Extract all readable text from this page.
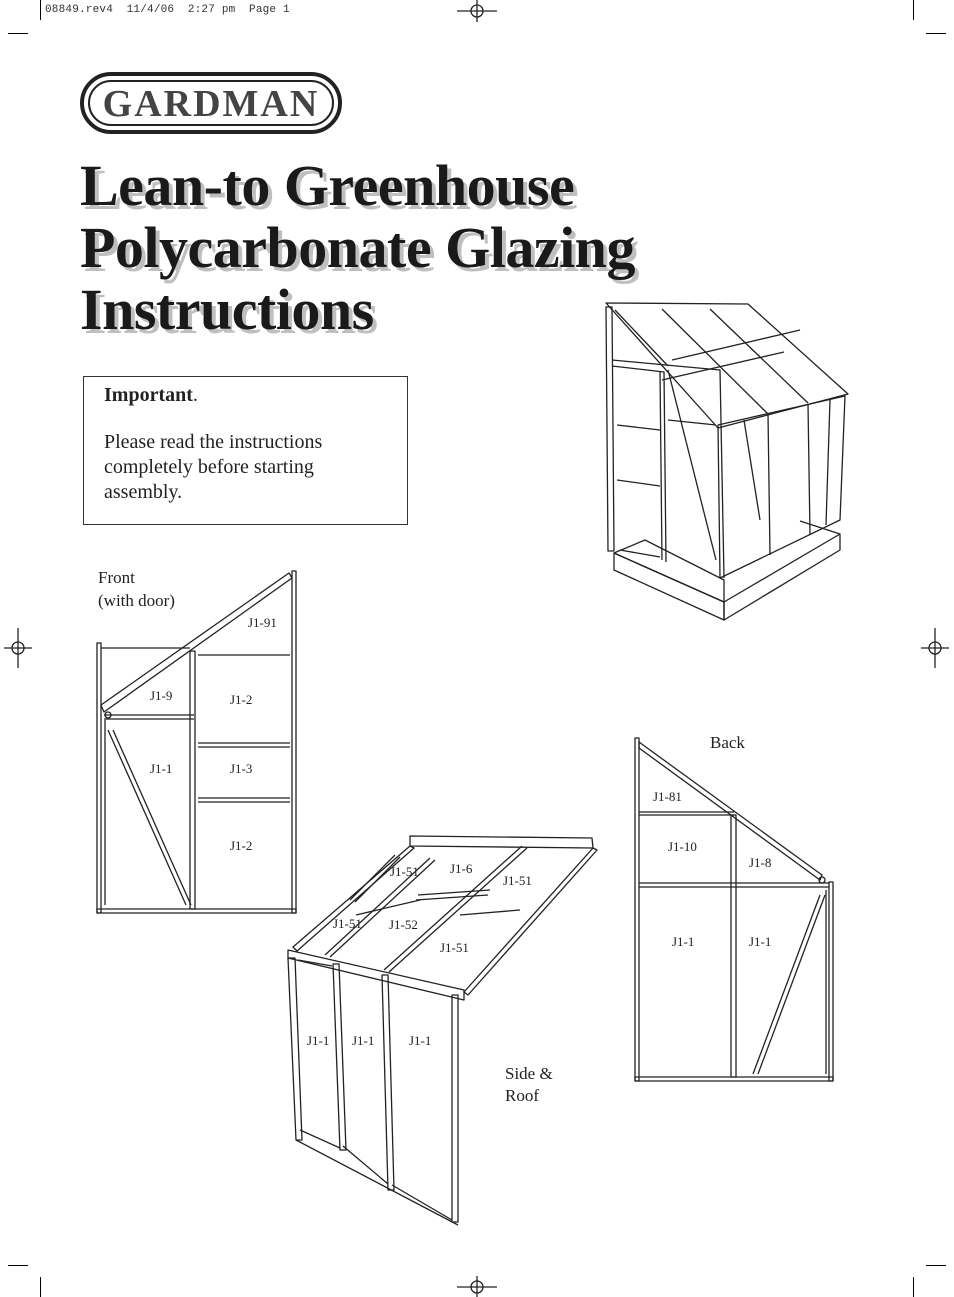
08849.rev4  11/4/06  2:27 pm  Page 1
GARDMAN
Lean-to Greenhouse
Polycarbonate Glazing
Instructions
Important.
Please read the instructions
completely before starting
assembly.
Front
(with door)
Back
Side &
Roof
J1-91
J1-9	J1-2
J1-1	J1-3
J1-2
J1-51 J1-6
J1-51
J1-51 J1-52
J1-51
J1-1 J1-1	J1-1
J1-81
J1-10
J1-8
J1-1	J1-1
